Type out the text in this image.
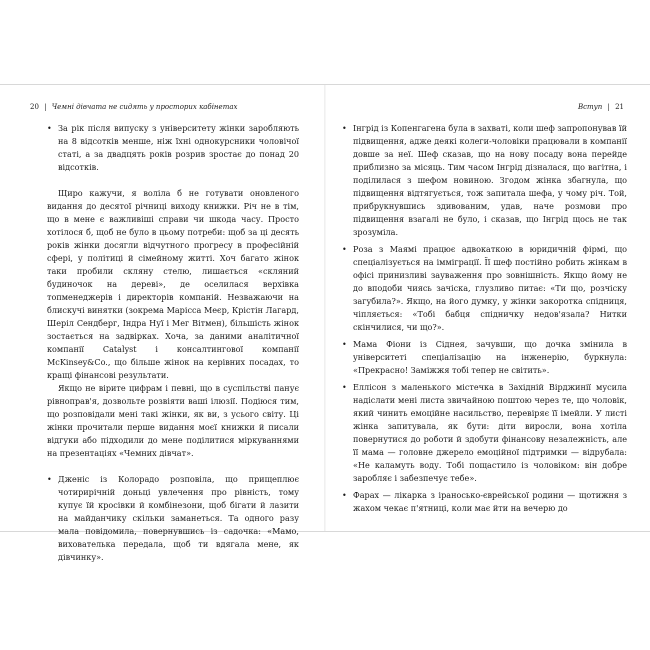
20 | Чемні дівчата не сидять у просторих кабінетах

• За рік після випуску з університету жінки заробляють на 8 відсотків менше, ніж їхні однокурсники чоловічої статі, а за двадцять років розрив зростає до понад 20 відсотків.

Щиро кажучи, я воліла б не готувати оновленого видання до десятої річниці виходу книжки. Річ не в тім, що в мене є важливіші справи чи шкода часу. Просто хотілося б, щоб не було в цьому потреби: щоб за ці десять років жінки досягли відчутного прогресу в професійній сфері, у політиці й сімейному житті. Хоч багато жінок таки пробили скляну стелю, лишається «скляний будиночок на дереві», де оселилася верхівка топменеджерів і директорів компаній. Незважаючи на блискучі винятки (зокрема Марісса Меєр, Крістін Лагард, Шеріл Сендберг, Індра Нуї і Мег Вітмен), більшість жінок зостається на задвірках. Хоча, за даними аналітичної компанії Catalyst і консалтингової компанії McKinsey&Co., що більше жінок на керівних посадах, то кращі фінансові результати.

Якщо не вірите цифрам і певні, що в суспільстві панує рівноправ'я, дозвольте розвіяти ваші ілюзії. Подіюся тим, що розповідали мені такі жінки, як ви, з усього світу. Ці жінки прочитали перше видання моєї книжки й писали відгуки або підходили до мене поділитися міркуваннями на презентаціях «Чемних дівчат».

• Дженіс із Колорадо розповіла, що прищеплює чотирирічній доньці увлечення про рівність, тому купує їй кросівки й комбінезони, щоб бігати й лазити на майданчику скільки заманеться. Та одного разу мала повідомила, повернувшись із садочка: «Мамо, вихователька передала, щоб ти вдягала мене, як дівчинку».

Вступ | 21

• Інгрід із Копенгагена була в захваті, коли шеф запропонував їй підвищення, адже деякі колеги-чоловіки працювали в компанії довше за неї. Шеф сказав, що на нову посаду вона перейде приблизно за місяць. Тим часом Інгрід дізналася, що вагітна, і поділилася з шефом новиною. Згодом жінка збагнула, що підвищення відтягується, тож запитала шефа, у чому річ. Той, прибрукнувшись здивованим, удав, наче розмови про підвищення взагалі не було, і сказав, що Інгрід щось не так зрозуміла.

• Роза з Маямі працює адвокаткою в юридичній фірмі, що спеціалізується на імміграції. Її шеф постійно робить жінкам в офісі принизливі зауваження про зовнішність. Якщо йому не до вподоби чиясь зачіска, глузливо питає: «Ти що, розчіску загубила?». Якщо, на його думку, у жінки закоротка спідниця, чіпляється: «Тобі бабця спідничку недов'язала? Нитки скінчилися, чи що?».

• Мама Фіони із Сіднея, зачувши, що дочка змінила в університеті спеціалізацію на інженерію, буркнула: «Прекрасно! Заміжжя тобі тепер не світить».

• Еллісон з маленького містечка в Західній Вірджинії мусила надіслати мені листа звичайною поштою через те, що чоловік, який чинить емоційне насильство, перевіряє її імейли. У листі жінка запитувала, як бути: діти виросли, вона хотіла повернутися до роботи й здобути фінансову незалежність, але її мама — головне джерело емоційної підтримки — відрубала: «Не каламуть воду. Тобі пощастило із чоловіком: він добре заробляє і забезпечує тебе».

• Фарах — лікарка з іраносько-єврейської родини — щотижня з жахом чекає п'ятниці, коли має йти на вечерю до
